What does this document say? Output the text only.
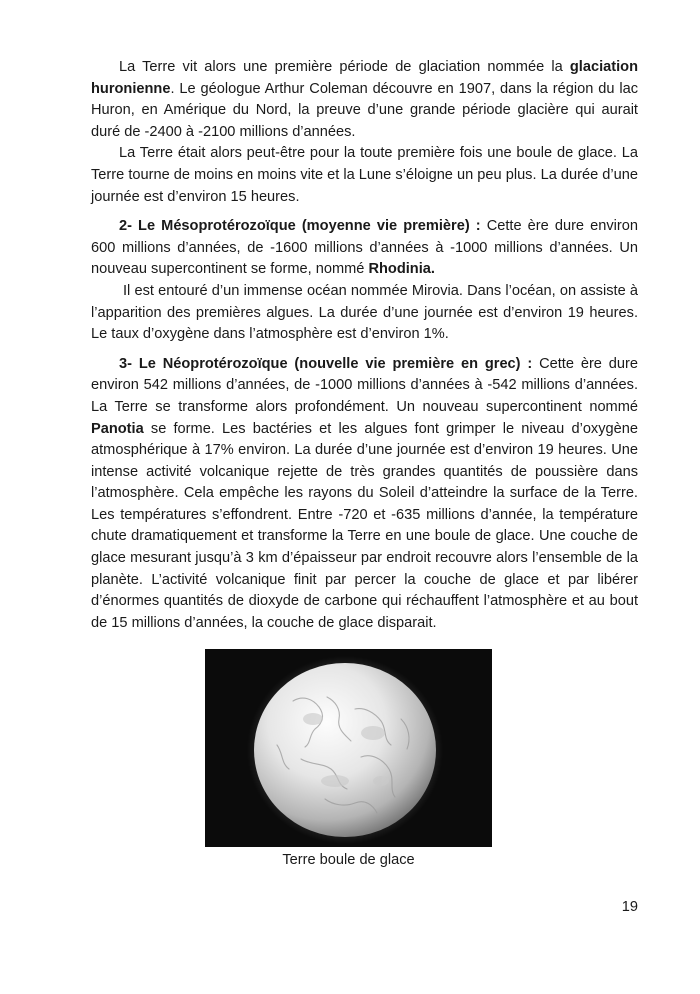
La Terre vit alors une première période de glaciation nommée la glaciation huronienne. Le géologue Arthur Coleman découvre en 1907, dans la région du lac Huron, en Amérique du Nord, la preuve d’une grande période glacière qui aurait duré de -2400 à -2100 millions d’années.

La Terre était alors peut-être pour la toute première fois une boule de glace. La Terre tourne de moins en moins vite et la Lune s’éloigne un peu plus. La durée d’une journée est d’environ 15 heures.

2- Le Mésoprotérozoïque (moyenne vie première) : Cette ère dure environ 600 millions d’années, de -1600 millions d’années à -1000 millions d’années. Un nouveau supercontinent se forme, nommé Rhodinia.

Il est entouré d’un immense océan nommée Mirovia. Dans l’océan, on assiste à l’apparition des premières algues. La durée d’une journée est d’environ 19 heures. Le taux d’oxygène dans l’atmosphère est d’environ 1%.

3- Le Néoprotérozoïque (nouvelle vie première en grec) : Cette ère dure environ 542 millions d’années, de -1000 millions d’années à -542 millions d’années. La Terre se transforme alors profondément. Un nouveau supercontinent nommé Panotia se forme. Les bactéries et les algues font grimper le niveau d’oxygène atmosphérique à 17% environ. La durée d’une journée est d’environ 19 heures. Une intense activité volcanique rejette de très grandes quantités de poussière dans l’atmosphère. Cela empêche les rayons du Soleil d’atteindre la surface de la Terre. Les températures s’effondrent. Entre -720 et -635 millions d’année, la température chute dramatiquement et transforme la Terre en une boule de glace. Une couche de glace mesurant jusqu’à 3 km d’épaisseur par endroit recouvre alors l’ensemble de la planète. L’activité volcanique finit par percer la couche de glace et par libérer d’énormes quantités de dioxyde de carbone qui réchauffent l’atmosphère et au bout de 15 millions d’années, la couche de glace disparait.

Terre boule de glace
19
